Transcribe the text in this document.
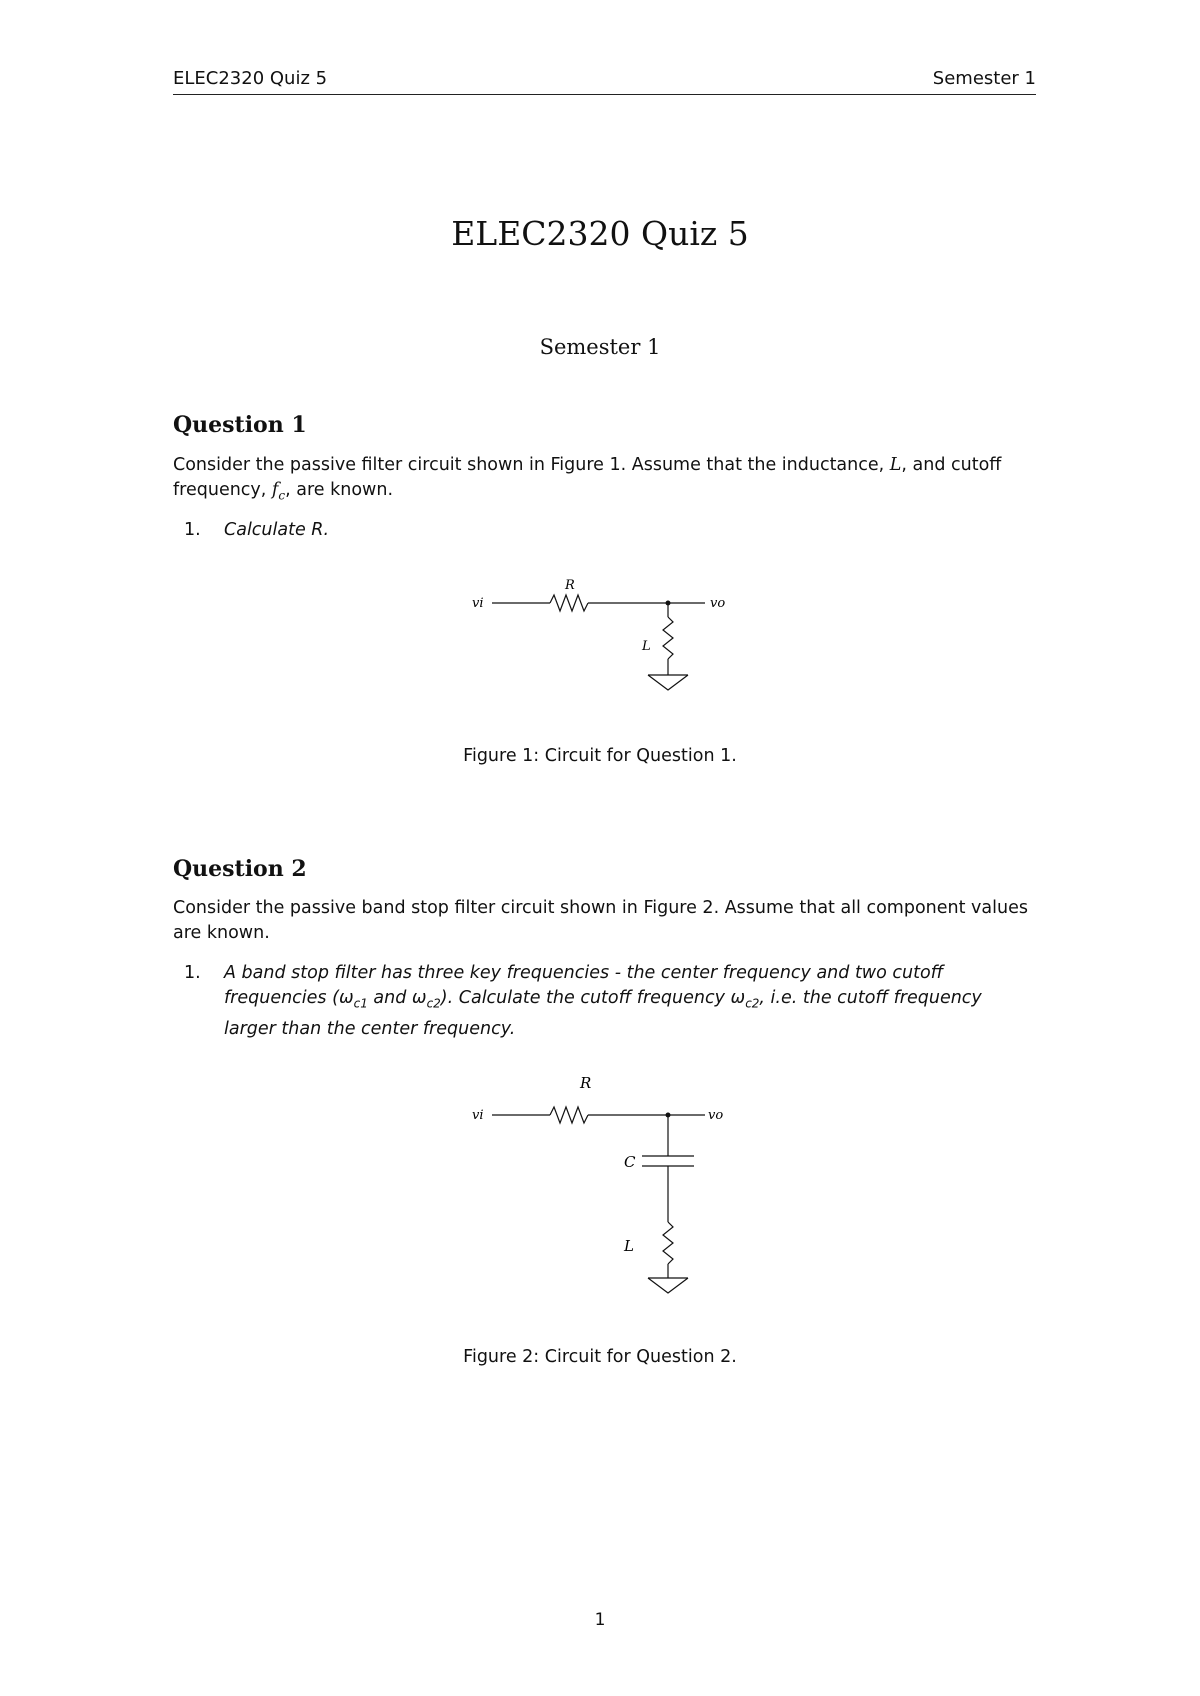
ELEC2320 Quiz 5	Semester 1
ELEC2320 Quiz 5
Semester 1
Question 1
Consider the passive filter circuit shown in Figure 1. Assume that the inductance, L, and cutoff frequency, $f_c$, are known.
1. Calculate R.
vi	vo
R
L
Figure 1: Circuit for Question 1.
Question 2
Consider the passive band stop filter circuit shown in Figure 2. Assume that all component values are known.
1. A band stop filter has three key frequencies - the center frequency and two cutoff frequencies ($\omega_{c1}$ and $\omega_{c2}$). Calculate the cutoff frequency $\omega_{c2}$, i.e. the cutoff frequency larger than the center frequency.
vi	vo
R
C
L
Figure 2: Circuit for Question 2.
1
